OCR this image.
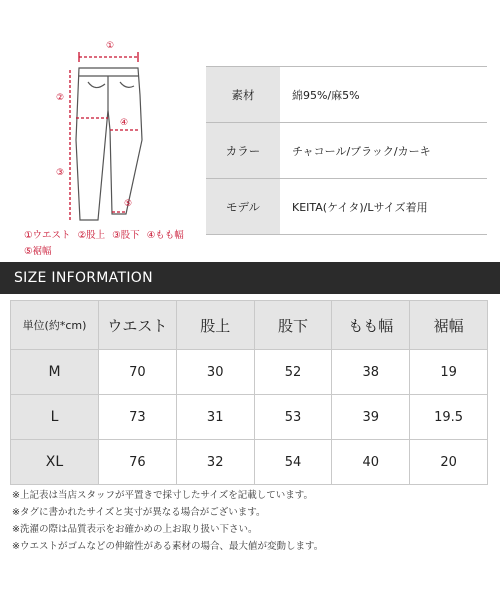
①
②
③
④
⑤
①ウエスト ②股上 ③股下 ④もも幅
⑤裾幅
素材	綿95%/麻5%
カラー	チャコール/ブラック/カーキ
モデル	KEITA(ケイタ)/Lサイズ着用
SIZE INFORMATION
単位(約*cm)	ウエスト	股上	股下	もも幅	裾幅
M	70	30	52	38	19
L	73	31	53	39	19.5
XL	76	32	54	40	20
※上記表は当店スタッフが平置きで採寸したサイズを記載しています。
※タグに書かれたサイズと実寸が異なる場合がございます。
※洗濯の際は品質表示をお確かめの上お取り扱い下さい。
※ウエストがゴムなどの伸縮性がある素材の場合、最大値が変動します。
